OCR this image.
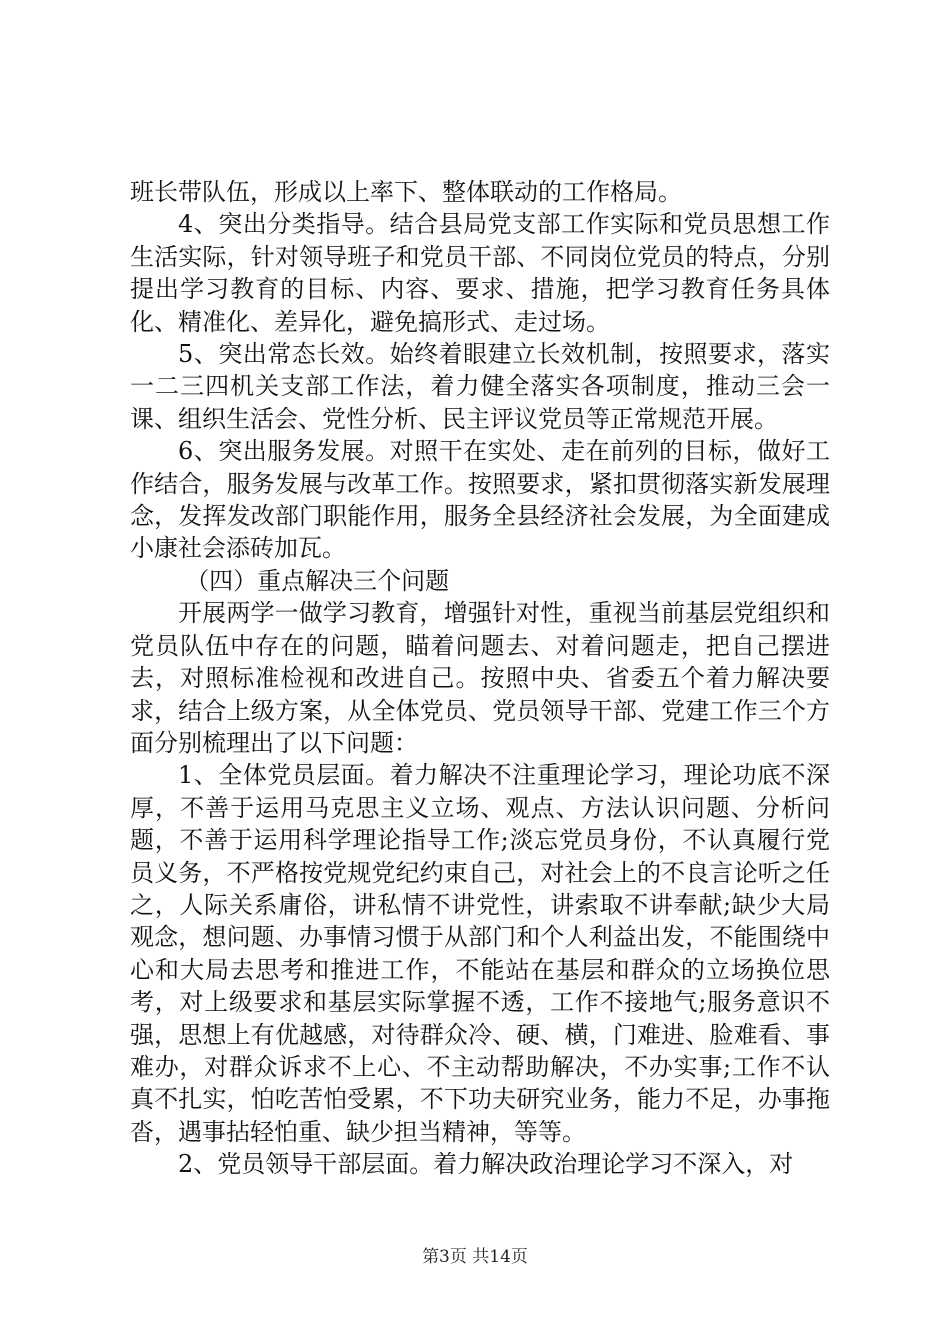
班长带队伍，形成以上率下、整体联动的工作格局。

4、突出分类指导。结合县局党支部工作实际和党员思想工作生活实际，针对领导班子和党员干部、不同岗位党员的特点，分别提出学习教育的目标、内容、要求、措施，把学习教育任务具体化、精准化、差异化，避免搞形式、走过场。

5、突出常态长效。始终着眼建立长效机制，按照要求，落实一二三四机关支部工作法，着力健全落实各项制度，推动三会一课、组织生活会、党性分析、民主评议党员等正常规范开展。

6、突出服务发展。对照干在实处、走在前列的目标，做好工作结合，服务发展与改革工作。按照要求，紧扣贯彻落实新发展理念，发挥发改部门职能作用，服务全县经济社会发展，为全面建成小康社会添砖加瓦。

（四）重点解决三个问题

开展两学一做学习教育，增强针对性，重视当前基层党组织和党员队伍中存在的问题，瞄着问题去、对着问题走，把自己摆进去，对照标准检视和改进自己。按照中央、省委五个着力解决要求，结合上级方案，从全体党员、党员领导干部、党建工作三个方面分别梳理出了以下问题：

1、全体党员层面。着力解决不注重理论学习，理论功底不深厚，不善于运用马克思主义立场、观点、方法认识问题、分析问题，不善于运用科学理论指导工作;淡忘党员身份，不认真履行党员义务，不严格按党规党纪约束自己，对社会上的不良言论听之任之，人际关系庸俗，讲私情不讲党性，讲索取不讲奉献;缺少大局观念，想问题、办事情习惯于从部门和个人利益出发，不能围绕中心和大局去思考和推进工作，不能站在基层和群众的立场换位思考，对上级要求和基层实际掌握不透，工作不接地气;服务意识不强，思想上有优越感，对待群众冷、硬、横，门难进、脸难看、事难办，对群众诉求不上心、不主动帮助解决，不办实事;工作不认真不扎实，怕吃苦怕受累，不下功夫研究业务，能力不足，办事拖沓，遇事拈轻怕重、缺少担当精神，等等。

2、党员领导干部层面。着力解决政治理论学习不深入，对

第3页 共14页
